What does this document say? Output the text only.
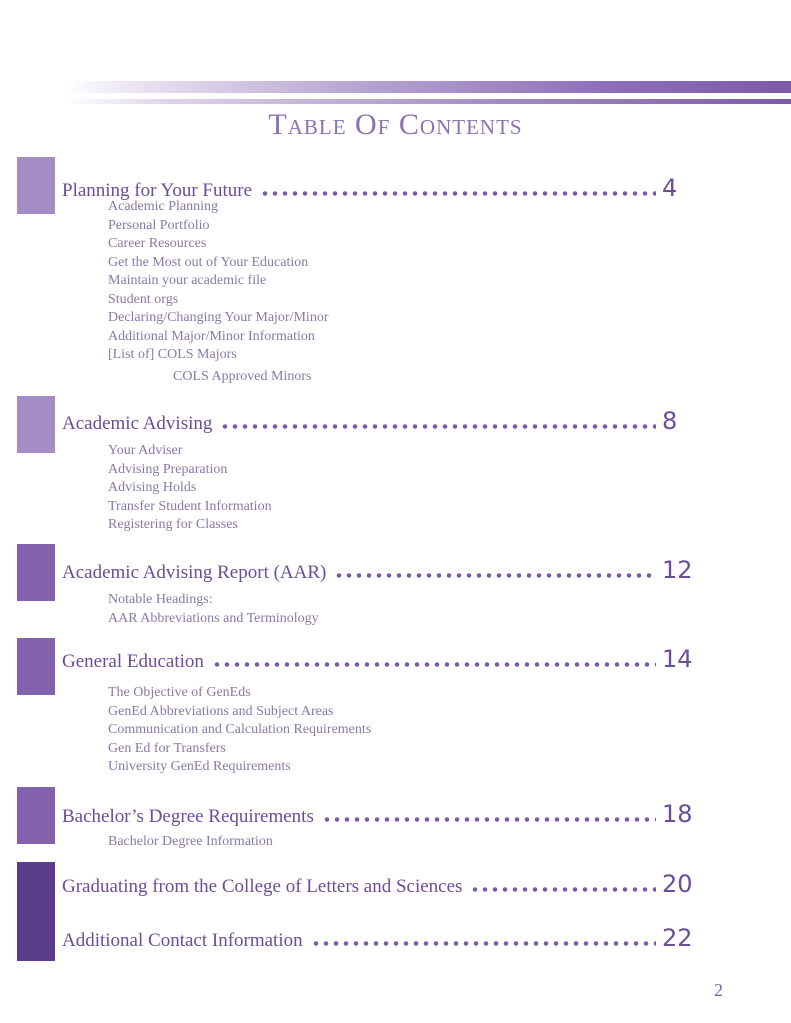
Table Of Contents
Planning for Your Future	4
Academic Planning
Personal Portfolio
Career Resources
Get the Most out of Your Education
Maintain your academic file
Student orgs
Declaring/Changing Your Major/Minor
Additional Major/Minor Information
[List of] COLS Majors
COLS Approved Minors
Academic Advising	8
Your Adviser
Advising Preparation
Advising Holds
Transfer Student Information
Registering for Classes
Academic Advising Report (AAR)	12
Notable Headings:
AAR Abbreviations and Terminology
General Education	14
The Objective of GenEds
GenEd Abbreviations and Subject Areas
Communication and Calculation Requirements
Gen Ed for Transfers
University GenEd Requirements
Bachelor’s Degree Requirements	18
Bachelor Degree Information
Graduating from the College of Letters and Sciences	20
Additional Contact Information	22
2
